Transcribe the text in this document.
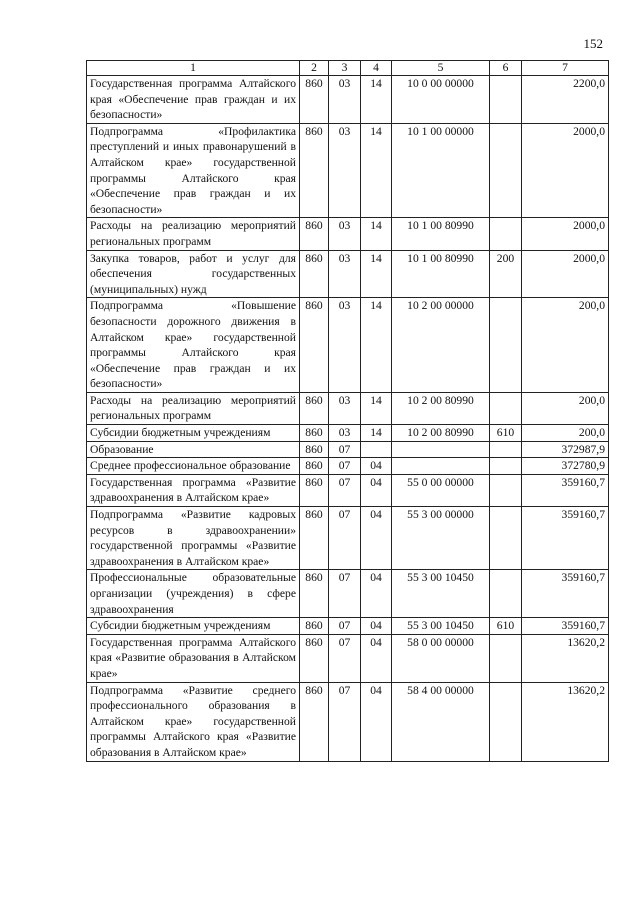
152
1	2	3	4	5	6	7
Государственная программа Алтайского края «Обеспечение прав граждан и их безопасности»	860	03	14	10 0 00 00000		2200,0
Подпрограмма «Профилактика преступлений и иных правонарушений в Алтайском крае» государственной программы Алтайского края «Обеспечение прав граждан и их безопасности»	860	03	14	10 1 00 00000		2000,0
Расходы на реализацию мероприятий региональных программ	860	03	14	10 1 00 80990		2000,0
Закупка товаров, работ и услуг для обеспечения государственных (муниципальных) нужд	860	03	14	10 1 00 80990	200	2000,0
Подпрограмма «Повышение безопасности дорожного движения в Алтайском крае» государственной программы Алтайского края «Обеспечение прав граждан и их безопасности»	860	03	14	10 2 00 00000		200,0
Расходы на реализацию мероприятий региональных программ	860	03	14	10 2 00 80990		200,0
Субсидии бюджетным учреждениям	860	03	14	10 2 00 80990	610	200,0
Образование	860	07				372987,9
Среднее профессиональное образование	860	07	04			372780,9
Государственная программа «Развитие здравоохранения в Алтайском крае»	860	07	04	55 0 00 00000		359160,7
Подпрограмма «Развитие кадровых ресурсов в здравоохранении» государственной программы «Развитие здравоохранения в Алтайском крае»	860	07	04	55 3 00 00000		359160,7
Профессиональные образовательные организации (учреждения) в сфере здравоохранения	860	07	04	55 3 00 10450		359160,7
Субсидии бюджетным учреждениям	860	07	04	55 3 00 10450	610	359160,7
Государственная программа Алтайского края «Развитие образования в Алтайском крае»	860	07	04	58 0 00 00000		13620,2
Подпрограмма «Развитие среднего профессионального образования в Алтайском крае» государственной программы Алтайского края «Развитие образования в Алтайском крае»	860	07	04	58 4 00 00000		13620,2
